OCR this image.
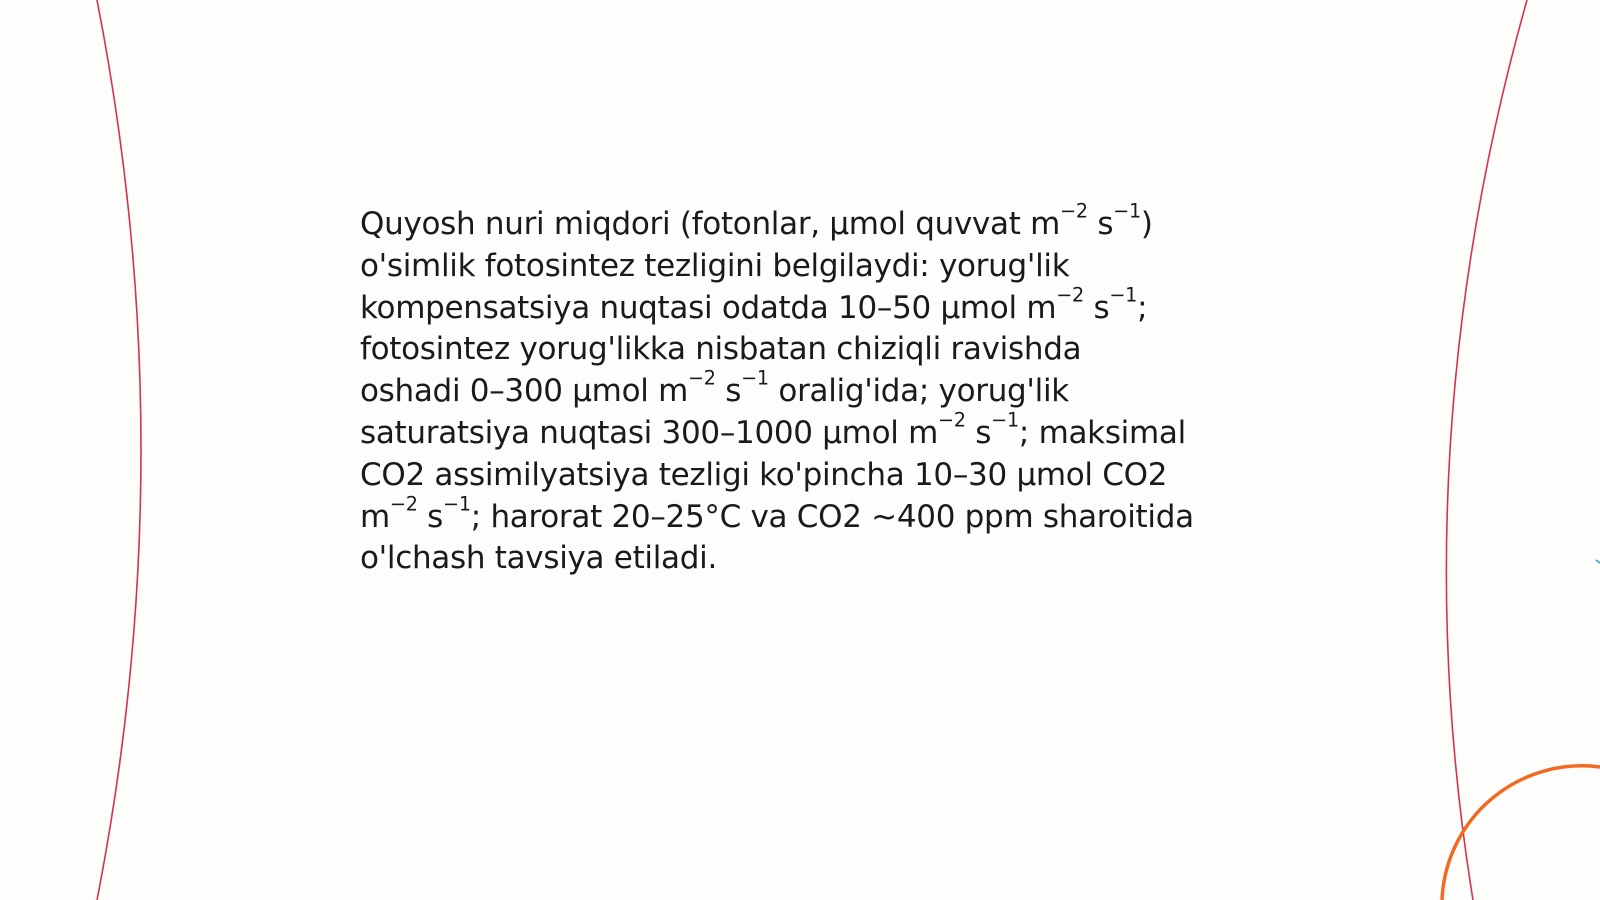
Quyosh nuri miqdori (fotonlar, μmol quvvat $m^{-2}$ $s^{-1}$)
o'simlik fotosintez tezligini belgilaydi: yorug'lik
kompensatsiya nuqtasi odatda 10–50 μmol $m^{-2}$ $s^{-1}$;
fotosintez yorug'likka nisbatan chiziqli ravishda
oshadi 0–300 μmol $m^{-2}$ $s^{-1}$ oralig'ida; yorug'lik
saturatsiya nuqtasi 300–1000 μmol $m^{-2}$ $s^{-1}$; maksimal
CO2 assimilyatsiya tezligi ko'pincha 10–30 μmol CO2
$m^{-2}$ $s^{-1}$; harorat 20–25°C va CO2 ~400 ppm sharoitida
o'lchash tavsiya etiladi.
